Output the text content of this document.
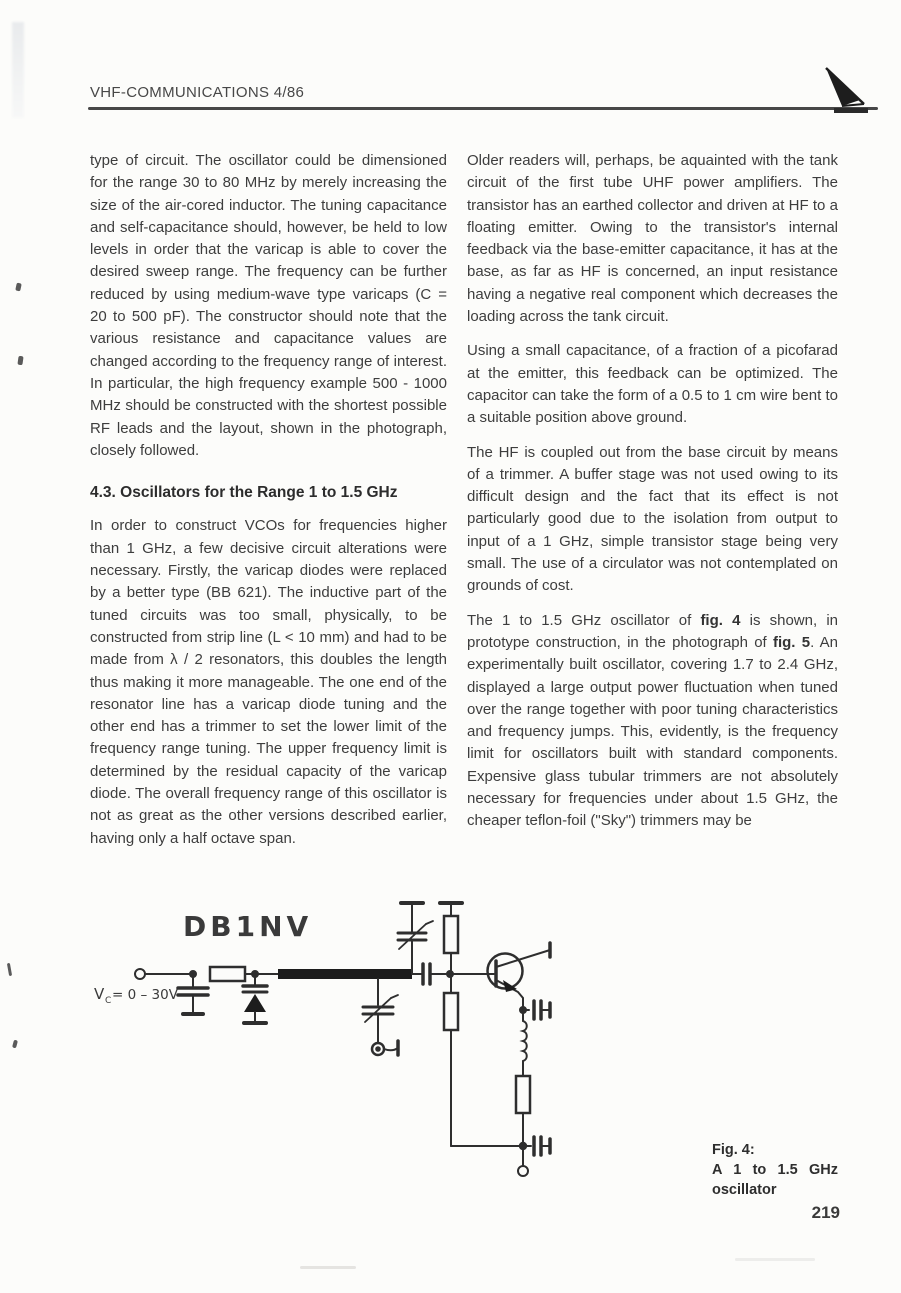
VHF-COMMUNICATIONS 4/86
type of circuit. The oscillator could be dimensioned for the range 30 to 80 MHz by merely increasing the size of the air-cored inductor. The tuning capacitance and self-capacitance should, however, be held to low levels in order that the varicap is able to cover the desired sweep range. The frequency can be further reduced by using medium-wave type varicaps (C = 20 to 500 pF). The constructor should note that the various resistance and capacitance values are changed according to the frequency range of interest. In particular, the high frequency example 500 - 1000 MHz should be constructed with the shortest possible RF leads and the layout, shown in the photograph, closely followed.
4.3. Oscillators for the Range 1 to 1.5 GHz
In order to construct VCOs for frequencies higher than 1 GHz, a few decisive circuit alterations were necessary. Firstly, the varicap diodes were replaced by a better type (BB 621). The inductive part of the tuned circuits was too small, physically, to be constructed from strip line (L < 10 mm) and had to be made from λ / 2 resonators, this doubles the length thus making it more manageable. The one end of the resonator line has a varicap diode tuning and the other end has a trimmer to set the lower limit of the frequency range tuning. The upper frequency limit is determined by the residual capacity of the varicap diode. The overall frequency range of this oscillator is not as great as the other versions described earlier, having only a half octave span.
Older readers will, perhaps, be aquainted with the tank circuit of the first tube UHF power amplifiers. The transistor has an earthed collector and driven at HF to a floating emitter. Owing to the transistor's internal feedback via the base-emitter capacitance, it has at the base, as far as HF is concerned, an input resistance having a negative real component which decreases the loading across the tank circuit.
Using a small capacitance, of a fraction of a picofarad at the emitter, this feedback can be optimized. The capacitor can take the form of a 0.5 to 1 cm wire bent to a suitable position above ground.
The HF is coupled out from the base circuit by means of a trimmer. A buffer stage was not used owing to its difficult design and the fact that its effect is not particularly good due to the isolation from output to input of a 1 GHz, simple transistor stage being very small. The use of a circulator was not contemplated on grounds of cost.
The 1 to 1.5 GHz oscillator of fig. 4 is shown, in prototype construction, in the photograph of fig. 5. An experimentally built oscillator, covering 1.7 to 2.4 GHz, displayed a large output power fluctuation when tuned over the range together with poor tuning characteristics and frequency jumps. This, evidently, is the frequency limit for oscillators built with standard components. Expensive glass tubular trimmers are not absolutely necessary for frequencies under about 1.5 GHz, the cheaper teflon-foil ("Sky") trimmers may be
DB1NV
V C = 0 – 30V
Fig. 4:
A 1 to 1.5 GHz
oscillator
219
